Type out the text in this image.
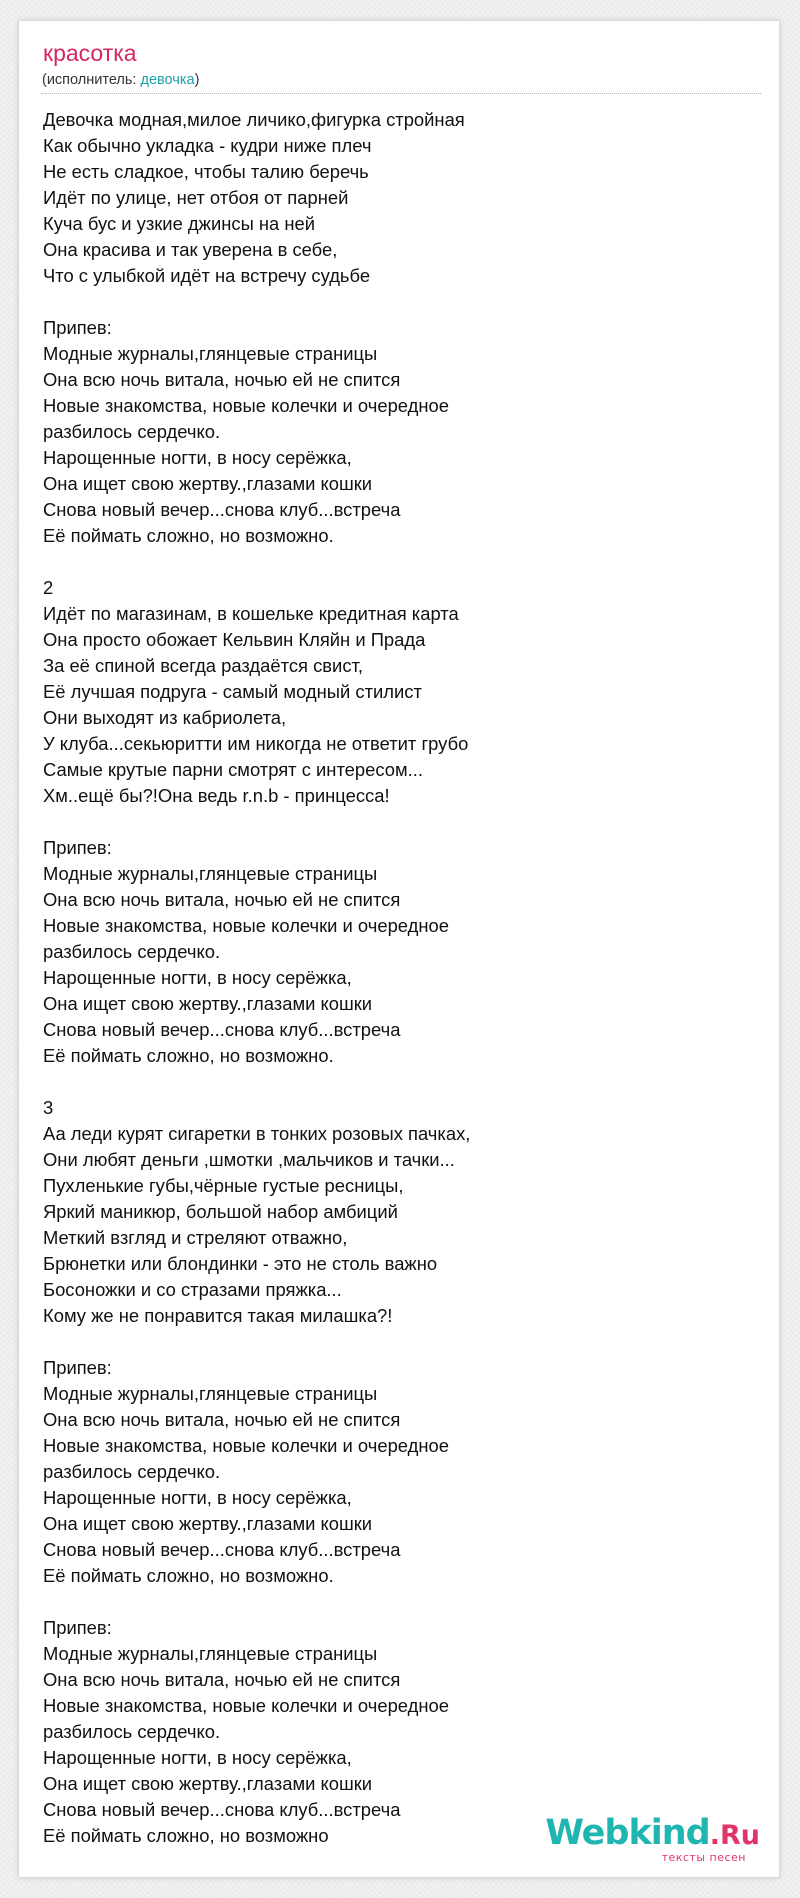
красотка
(исполнитель: девочка)
Девочка модная,милое личико,фигурка стройная
Как обычно укладка - кудри ниже плеч
Не есть сладкое, чтобы талию беречь
Идёт по улице, нет отбоя от парней
Куча бус и узкие джинсы на ней
Она красива и так уверена в себе,
Что с улыбкой идёт на встречу судьбе

Припев:
Модные журналы,глянцевые страницы
Она всю ночь витала, ночью ей не спится
Новые знакомства, новые колечки и очередное
разбилось сердечко.
Нарощенные ногти, в носу серёжка,
Она ищет свою жертву.,глазами кошки
Снова новый вечер...снова клуб...встреча
Её поймать сложно, но возможно.

2
Идёт по магазинам, в кошельке кредитная карта
Она просто обожает Кельвин Кляйн и Прада
За её спиной всегда раздаётся свист,
Её лучшая подруга - самый модный стилист
Они выходят из кабриолета,
У клуба...секьюритти им никогда не ответит грубо
Самые крутые парни смотрят с интересом...
Хм..ещё бы?!Она ведь r.n.b - принцесса!

Припев:
Модные журналы,глянцевые страницы
Она всю ночь витала, ночью ей не спится
Новые знакомства, новые колечки и очередное
разбилось сердечко.
Нарощенные ногти, в носу серёжка,
Она ищет свою жертву.,глазами кошки
Снова новый вечер...снова клуб...встреча
Её поймать сложно, но возможно.

3
Аа леди курят сигаретки в тонких розовых пачках,
Они любят деньги ,шмотки ,мальчиков и тачки...
Пухленькие губы,чёрные густые ресницы,
Яркий маникюр, большой набор амбиций
Меткий взгляд и стреляют отважно,
Брюнетки или блондинки - это не столь важно
Босоножки и со стразами пряжка...
Кому же не понравится такая милашка?!

Припев:
Модные журналы,глянцевые страницы
Она всю ночь витала, ночью ей не спится
Новые знакомства, новые колечки и очередное
разбилось сердечко.
Нарощенные ногти, в носу серёжка,
Она ищет свою жертву.,глазами кошки
Снова новый вечер...снова клуб...встреча
Её поймать сложно, но возможно.

Припев:
Модные журналы,глянцевые страницы
Она всю ночь витала, ночью ей не спится
Новые знакомства, новые колечки и очередное
разбилось сердечко.
Нарощенные ногти, в носу серёжка,
Она ищет свою жертву.,глазами кошки
Снова новый вечер...снова клуб...встреча
Её поймать сложно, но возможно	Webkind.Ru
тексты песен
